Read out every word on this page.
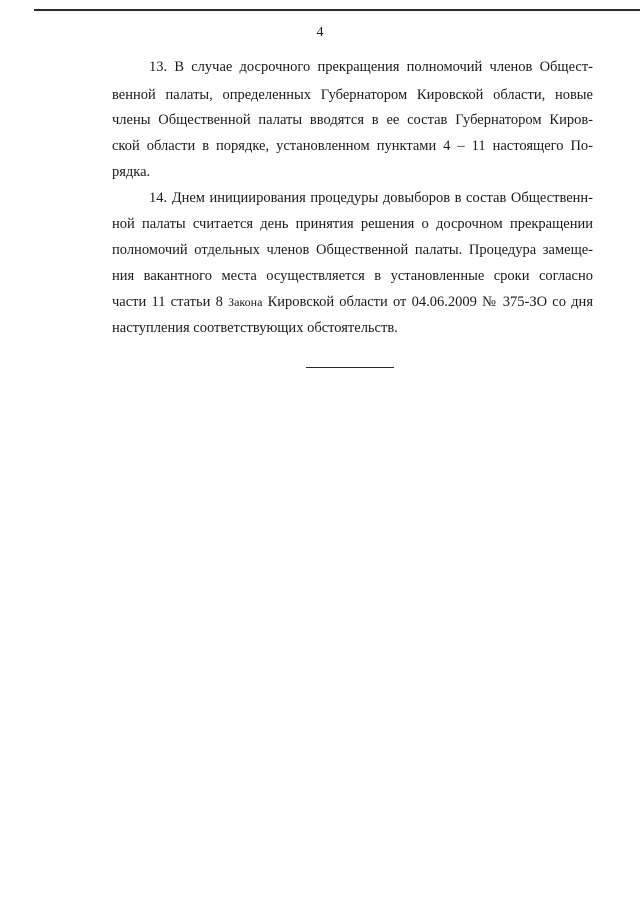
4
13. В случае досрочного прекращения полномочий членов Общест-
венной палаты, определенных Губернатором Кировской области, новые
члены Общественной палаты вводятся в ее состав Губернатором Киров-
ской области в порядке, установленном пунктами 4 – 11 настоящего По-
рядка.
14. Днем инициирования процедуры довыборов в состав Общественн-
ной палаты считается день принятия решения о досрочном прекращении
полномочий отдельных членов Общественной палаты. Процедура замеще-
ния вакантного места осуществляется в установленные сроки согласно
части 11 статьи 8 Закона Кировской области от 04.06.2009 № 375-ЗО со дня
наступления соответствующих обстоятельств.
